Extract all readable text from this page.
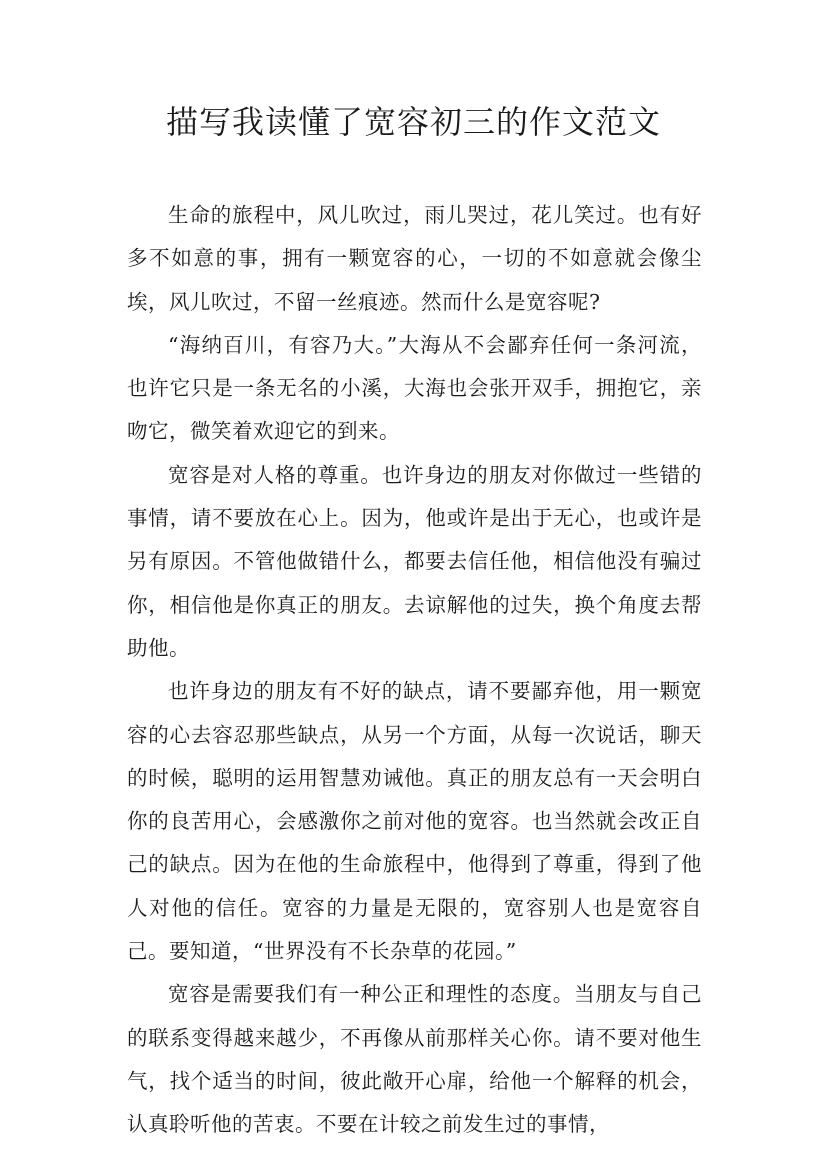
描写我读懂了宽容初三的作文范文

生命的旅程中，风儿吹过，雨儿哭过，花儿笑过。也有好多不如意的事，拥有一颗宽容的心，一切的不如意就会像尘埃，风儿吹过，不留一丝痕迹。然而什么是宽容呢?

“海纳百川，有容乃大。”大海从不会鄙弃任何一条河流，也许它只是一条无名的小溪，大海也会张开双手，拥抱它，亲吻它，微笑着欢迎它的到来。

宽容是对人格的尊重。也许身边的朋友对你做过一些错的事情，请不要放在心上。因为，他或许是出于无心，也或许是另有原因。不管他做错什么，都要去信任他，相信他没有骗过你，相信他是你真正的朋友。去谅解他的过失，换个角度去帮助他。

也许身边的朋友有不好的缺点，请不要鄙弃他，用一颗宽容的心去容忍那些缺点，从另一个方面，从每一次说话，聊天的时候，聪明的运用智慧劝诫他。真正的朋友总有一天会明白你的良苦用心，会感激你之前对他的宽容。也当然就会改正自己的缺点。因为在他的生命旅程中，他得到了尊重，得到了他人对他的信任。宽容的力量是无限的，宽容别人也是宽容自己。要知道，“世界没有不长杂草的花园。”

宽容是需要我们有一种公正和理性的态度。当朋友与自己的联系变得越来越少，不再像从前那样关心你。请不要对他生气，找个适当的时间，彼此敞开心扉，给他一个解释的机会，认真聆听他的苦衷。不要在计较之前发生过的事情，
